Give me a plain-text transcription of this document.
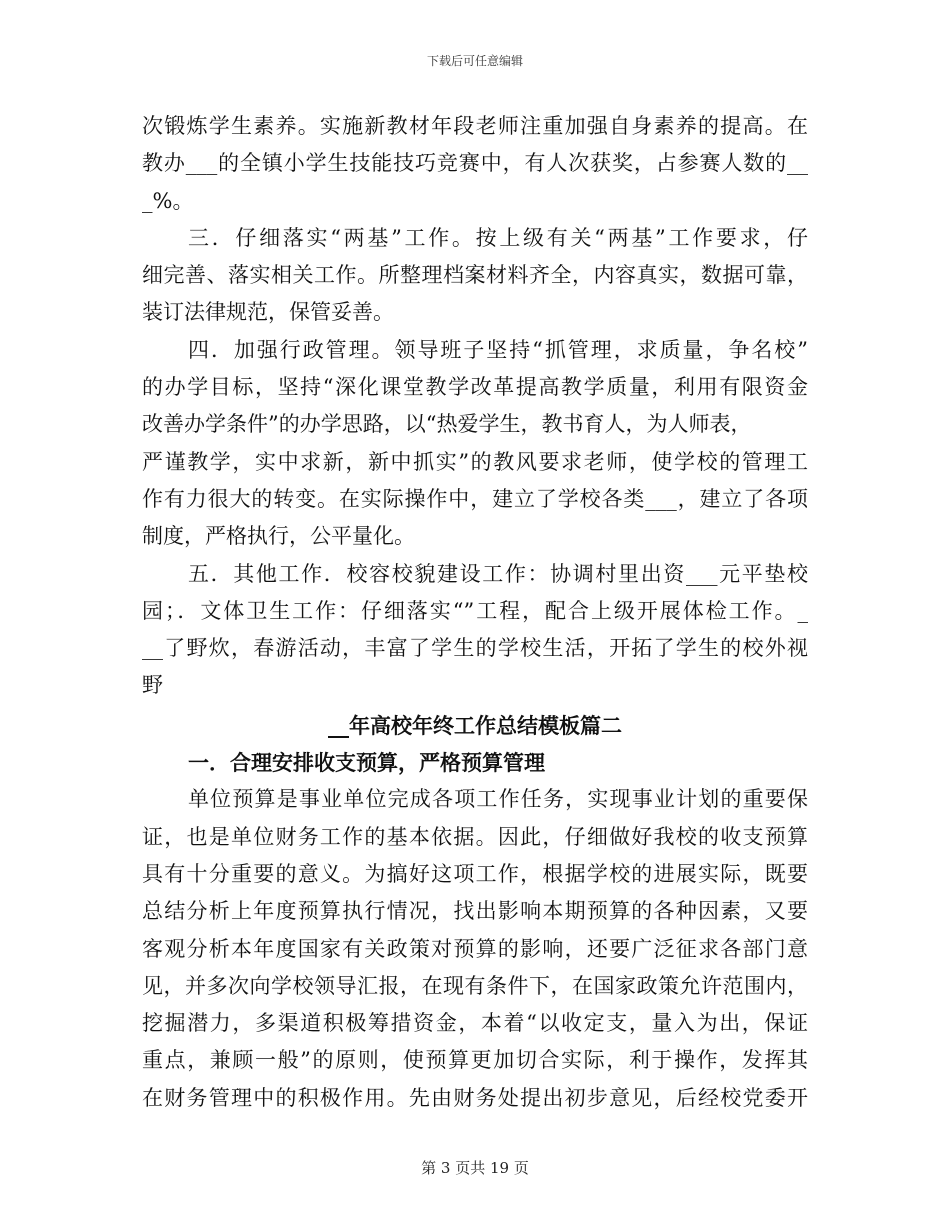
下载后可任意编辑
次锻炼学生素养。实施新教材年段老师注重加强自身素养的提高。在
教办___的全镇小学生技能技巧竞赛中，有人次获奖，占参赛人数的__
_%。
三．仔细落实“两基”工作。按上级有关“两基”工作要求，仔
细完善、落实相关工作。所整理档案材料齐全，内容真实，数据可靠，
装订法律规范，保管妥善。
四．加强行政管理。领导班子坚持“抓管理，求质量，争名校”
的办学目标，坚持“深化课堂教学改革提高教学质量，利用有限资金
改善办学条件”的办学思路，以“热爱学生，教书育人，为人师表，
严谨教学，实中求新，新中抓实”的教风要求老师，使学校的管理工
作有力很大的转变。在实际操作中，建立了学校各类___，建立了各项
制度，严格执行，公平量化。
五．其他工作．校容校貌建设工作：协调村里出资___元平垫校
园；．文体卫生工作：仔细落实“”工程，配合上级开展体检工作。_
__了野炊，春游活动，丰富了学生的学校生活，开拓了学生的校外视
野
__年高校年终工作总结模板篇二
一．合理安排收支预算，严格预算管理
单位预算是事业单位完成各项工作任务，实现事业计划的重要保
证，也是单位财务工作的基本依据。因此，仔细做好我校的收支预算
具有十分重要的意义。为搞好这项工作，根据学校的进展实际，既要
总结分析上年度预算执行情况，找出影响本期预算的各种因素，又要
客观分析本年度国家有关政策对预算的影响，还要广泛征求各部门意
见，并多次向学校领导汇报，在现有条件下，在国家政策允许范围内，
挖掘潜力，多渠道积极筹措资金，本着“以收定支，量入为出，保证
重点，兼顾一般”的原则，使预算更加切合实际，利于操作，发挥其
在财务管理中的积极作用。先由财务处提出初步意见，后经校党委开
第 3 页共 19 页
